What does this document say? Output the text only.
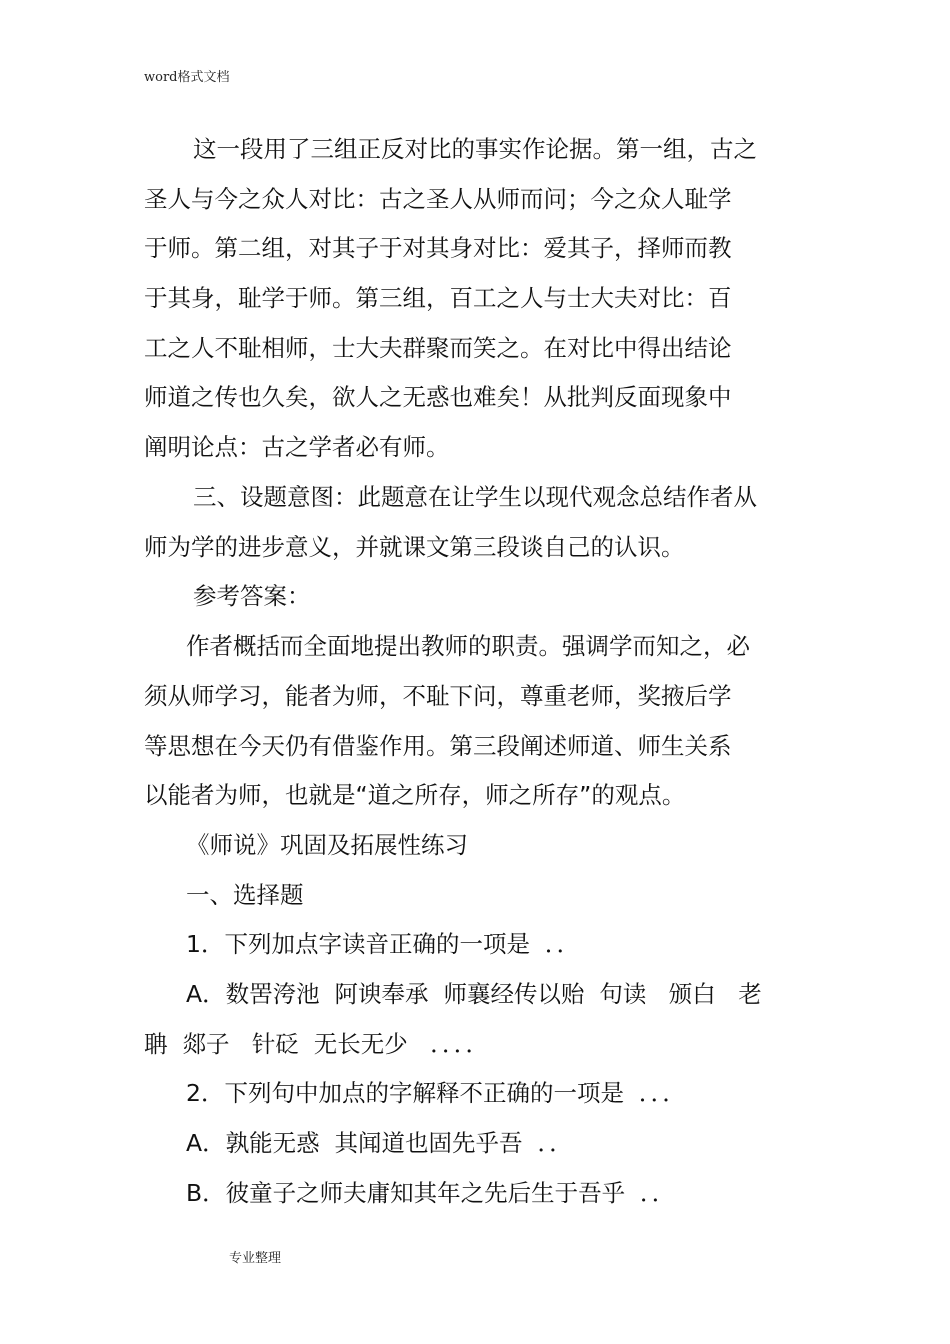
word格式文档
这一段用了三组正反对比的事实作论据。第一组，古之
圣人与今之众人对比：古之圣人从师而问；今之众人耻学
于师。第二组，对其子于对其身对比：爱其子，择师而教
于其身，耻学于师。第三组，百工之人与士大夫对比：百
工之人不耻相师，士大夫群聚而笑之。在对比中得出结论
师道之传也久矣，欲人之无惑也难矣！从批判反面现象中
阐明论点：古之学者必有师。
三、设题意图：此题意在让学生以现代观念总结作者从
师为学的进步意义，并就课文第三段谈自己的认识。
参考答案：
作者概括而全面地提出教师的职责。强调学而知之，必
须从师学习，能者为师，不耻下问，尊重老师，奖掖后学
等思想在今天仍有借鉴作用。第三段阐述师道、师生关系
以能者为师，也就是“道之所存，师之所存”的观点。
《师说》巩固及拓展性练习
一、选择题
1．下列加点字读音正确的一项是  ．．
A．数罟洿池  阿谀奉承  师襄经传以贻  句读   颁白   老
聃  郯子   针砭  无长无少   ．．．．
2．下列句中加点的字解释不正确的一项是  ．．．
A．孰能无惑  其闻道也固先乎吾  ．．
B．彼童子之师夫庸知其年之先后生于吾乎  ．．
专业整理
